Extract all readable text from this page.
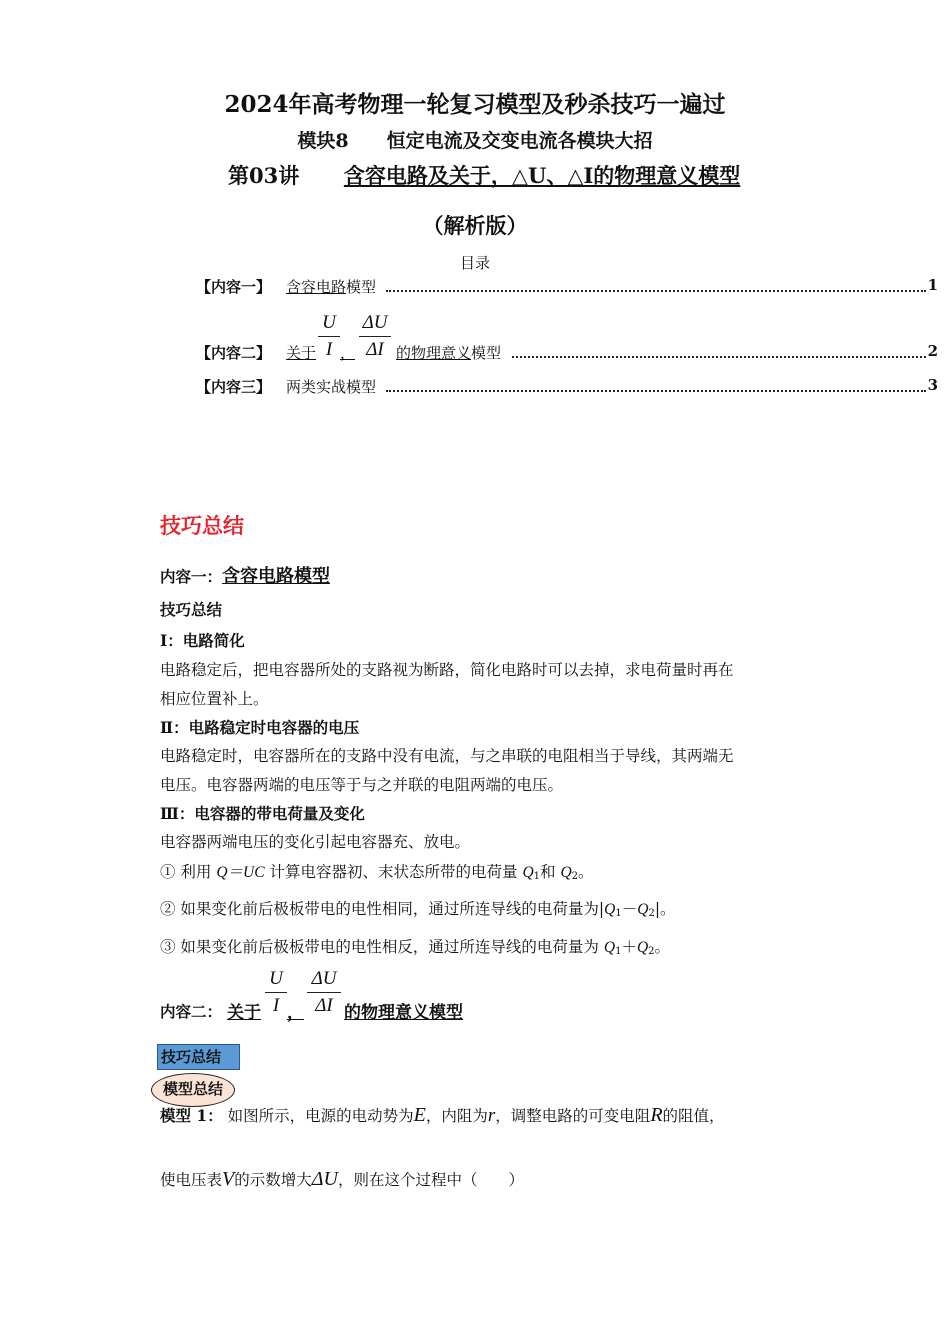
2024年高考物理一轮复习模型及秒杀技巧一遍过
模块8　　恒定电流及交变电流各模块大招
第03讲 含容电路及关于，△U、△I的物理意义模型
（解析版）
目录
【内容一】 含容电路模型	1
【内容二】 关于 ，	的物理意义模型	2
U
I
ΔU
ΔI
【内容三】 两类实战模型	3
技巧总结
内容一：含容电路模型

技巧总结

Ⅰ：电路简化

电路稳定后，把电容器所处的支路视为断路，简化电路时可以去掉，求电荷量时再在

相应位置补上。

Ⅱ：电路稳定时电容器的电压

电路稳定时，电容器所在的支路中没有电流，与之串联的电阻相当于导线，其两端无

电压。电容器两端的电压等于与之并联的电阻两端的电压。

Ⅲ：电容器的带电荷量及变化

电容器两端电压的变化引起电容器充、放电。

① 利用 Q＝UC 计算电容器初、末状态所带的电荷量 $Q_1$和 $Q_2$。

② 如果变化前后极板带电的电性相同，通过所连导线的电荷量为$|Q_1-Q_2|$。

③ 如果变化前后极板带电的电性相反，通过所连导线的电荷量为 $Q_1+Q_2$。

内容二： 关于
U
I ，
ΔU
ΔI 的物理意义模型
技巧总结
模型总结
模型 1： 如图所示，电源的电动势为E，内阻为r，调整电路的可变电阻R的阻值，
使电压表V的示数增大ΔU，则在这个过程中（　　）
